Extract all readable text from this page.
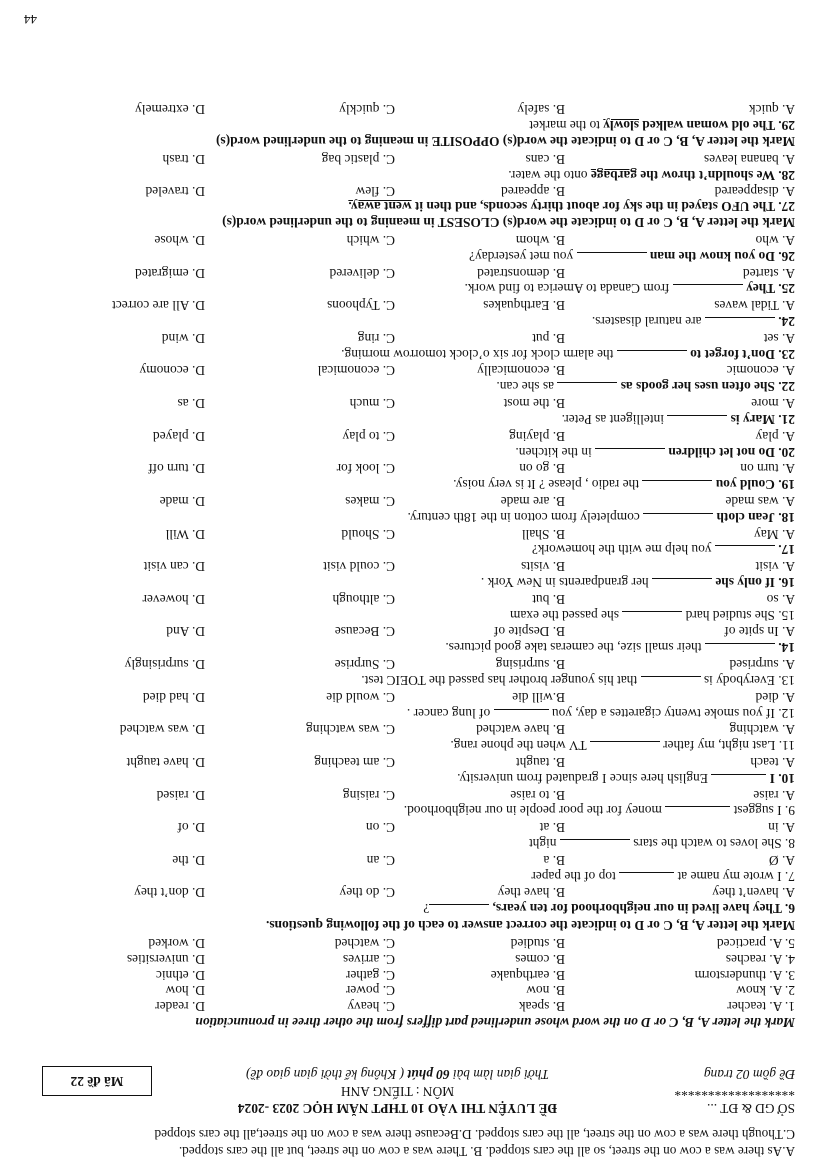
A.As there was a cow on the street, so all the cars stopped. B. There was a cow on the street, but all the cars stopped.
C.Though there was a cow on the street, all the cars stopped. D.Because there was a cow on the street,all the cars stopped
SỞ GD & ĐT ...
******************
Đề gồm 02 trang
ĐỀ LUYỆN THI VÀO 10 THPT NĂM HỌC 2023 -2024
MÔN : TIẾNG ANH
Thời gian làm bài 60 phút ( Không kể thời gian giao đề)
Mã đề 22
Mark the letter A, B, C or D on the word whose underlined part differs from the other three in pronunciation
1. A. teacher
B. speak
C. heavy
D. reader
2. A. know
B. now
C. power
D. how
3. A. thunderstorm
B. earthquake
C. gather
D. ethnic
4. A. reaches
B. comes
C. arrives
D. universities
5. A. practiced
B. studied
C. watched
D. worked
Mark the letter A, B, C or D to indicate the correct answer to each of the following questions.
6. They have lived in our neighborhood for ten years, ?
A. haven’t they
B. have they
C. do they
D. don’t they
7. I wrote my name at  top of the paper
A. Ø
B. a
C. an
D. the
8. She loves to watch the stars  night
A. in
B. at
C. on
D. of
9. I suggest  money for the poor people in our neighborhood.
A. raise
B. to raise
C. raising
D. raised
10. I  English here since I graduated from university.
A. teach
B. taught
C. am teaching
D. have taught
11. Last night, my father  TV when the phone rang.
A. watching
B. have watched
C. was watching
D. was watched
12. If you smoke twenty cigarettes a day, you  of lung cancer .
A. died
B.will die
C. would die
D. had died
13. Everybody is  that his younger brother has passed the TOEIC test.
A. surprised
B. surprising
C. Surprise
D. surprisingly
14.  their small size, the cameras take good pictures.
A. In spite of
B. Despite of
C. Because
D. And
15. She studied hard  she passed the exam
A. so
B. but
C. although
D. however
16. If only she  her grandparents in New York .
A. visit
B. visits
C. could visit
D. can visit
17.  you help me with the homework?
A. May
B. Shall
C. Should
D. Will
18. Jean cloth  completely from cotton in the 18th century.
A. was made
B. are made
C. makes
D. made
19. Could you  the radio , please ? It is very noisy.
A. turn on
B. go on
C. look for
D. turn off
20. Do not let children  in the kitchen.
A. play
B. playing
C. to play
D. played
21. Mary is  intelligent as Peter.
A. more
B. the most
C. much
D. as
22. She often uses her goods as  as she can.
A. economic
B. economically
C. economical
D. economy
23. Don’t forget to  the alarm clock for six o’clock tomorrow morning.
A. set
B. put
C. ring
D. wind
24.  are natural disasters.
A. Tidal waves
B. Earthquakes
C. Typhoons
D. All are correct
25. They  from Canada to America to find work.
A. started
B. demonstrated
C. delivered
D. emigrated
26. Do you know the man  you met yesterday?
A. who
B. whom
C. which
D. whose
Mark the letter A, B, C or D to indicate the word(s) CLOSEST in meaning to the underlined word(s)
27. The UFO stayed in the sky for about thirty seconds, and then it went away.
A. disappeared
B. appeared
C. flew
D. traveled
28. We shouldn’t throw the garbage onto the water.
A. banana leaves
B. cans
C. plastic bag
D. trash
Mark the letter A, B, C or D to indicate the word(s) OPPOSITE in meaning to the underlined word(s)
29. The old woman walked slowly to the market
A. quick
B. safely
C. quickly
D. extremely
44
